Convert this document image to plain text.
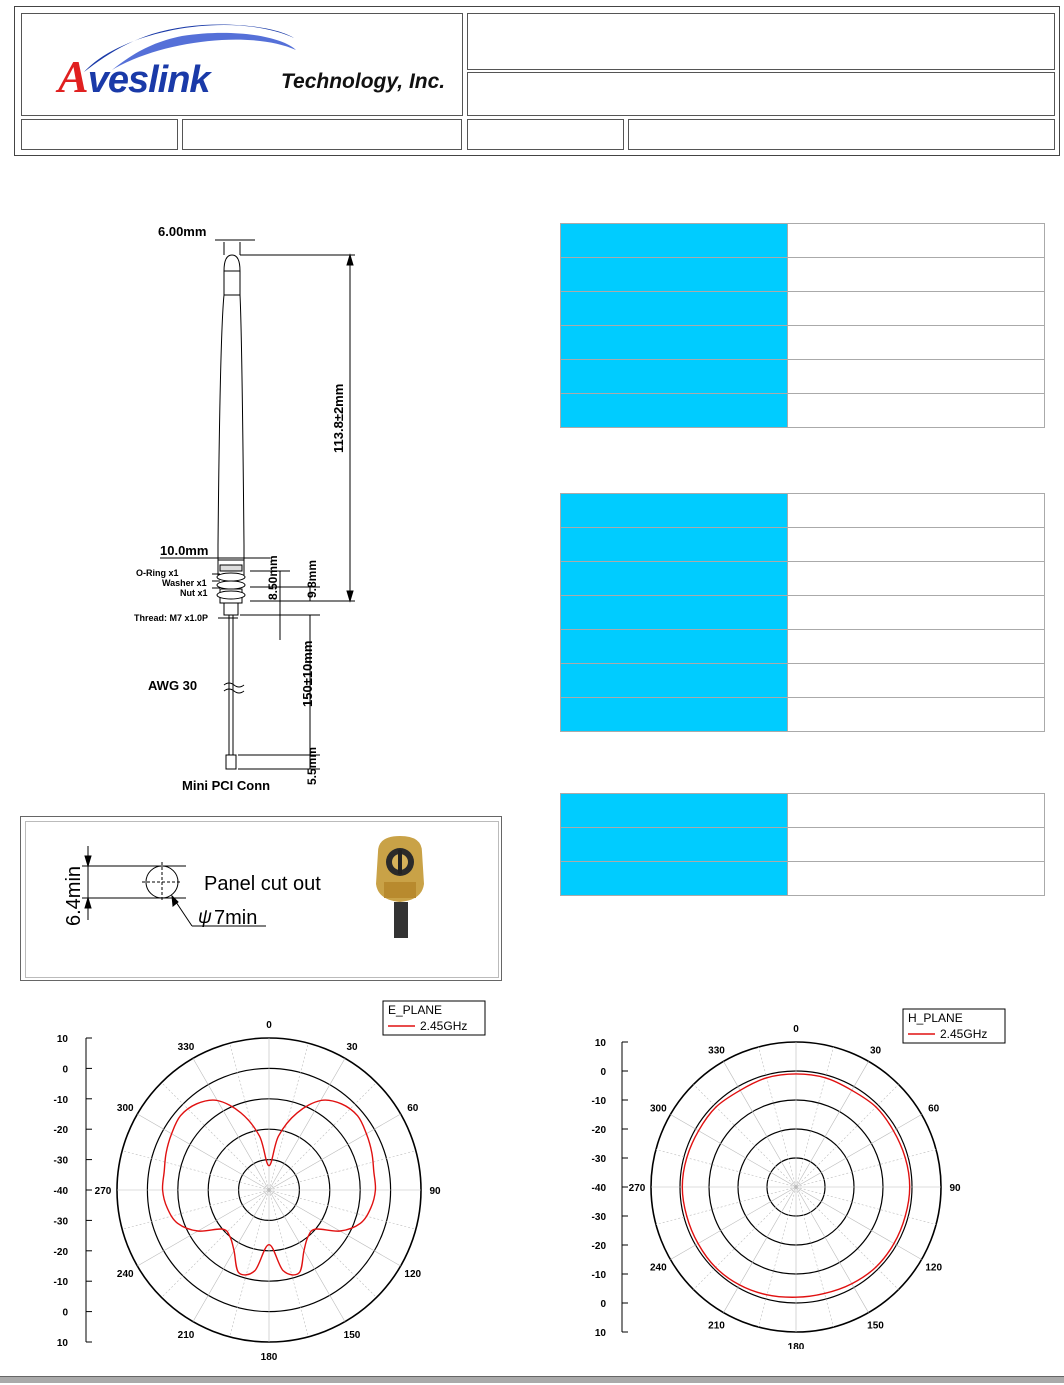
Aveslink	Technology, Inc.
6.00mm
113.8±2mm
10.0mm
O-Ring x1
Washer x1
Nut x1	8.50mm 9.8mm
Thread: M7 x1.0P
150±10mm
AWG 30
5.5mm
Mini PCI Conn
6.4min	Panel cut out
ψ 7min
0
30
60
90
120
150
180
210
240
270
300
330
10
0
-10
-20
-30
-40
-30
-20
-10
0
10
E_PLANE
2.45GHz	0
30
60
90
120
150
180
210
240
270
300
330
10
0
-10
-20
-30
-40
-30
-20
-10
0
10
H_PLANE
2.45GHz
